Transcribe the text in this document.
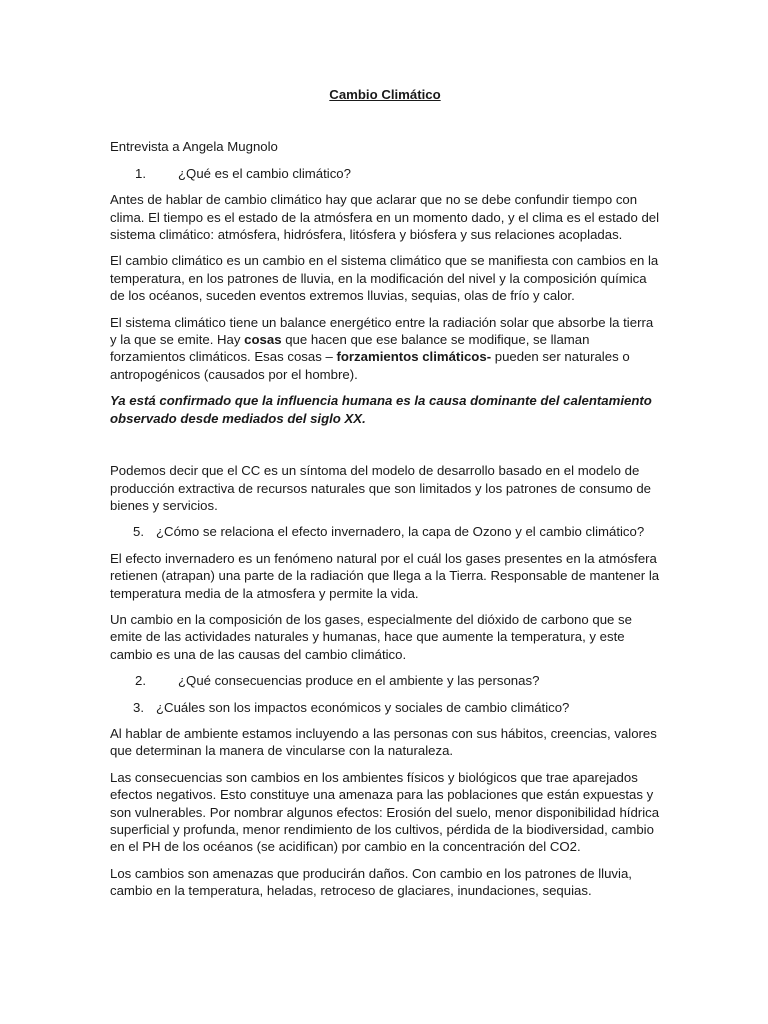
Cambio Climático

Entrevista a Angela Mugnolo

1.	¿Qué es el cambio climático?

Antes de hablar de cambio climático hay que aclarar que no se debe confundir tiempo con clima. El tiempo es el estado de la atmósfera en un momento dado, y el clima es el estado del sistema climático: atmósfera, hidrósfera, litósfera y biósfera y sus relaciones acopladas.

El cambio climático es un cambio en el sistema climático que se manifiesta con cambios en la temperatura, en los patrones de lluvia, en la modificación del nivel y la composición química de los océanos, suceden eventos extremos lluvias, sequias, olas de frío y calor.

El sistema climático tiene un balance energético entre la radiación solar que absorbe la tierra y la que se emite. Hay cosas que hacen que ese balance se modifique, se llaman forzamientos climáticos. Esas cosas – forzamientos climáticos- pueden ser naturales o antropogénicos (causados por el hombre).

Ya está confirmado que la influencia humana es la causa dominante del calentamiento observado desde mediados del siglo XX.

Podemos decir que el CC es un síntoma del modelo de desarrollo basado en el modelo de producción extractiva de recursos naturales que son limitados y los patrones de consumo de bienes y servicios.

5. ¿Cómo se relaciona el efecto invernadero, la capa de Ozono y el cambio climático?

El efecto invernadero es un fenómeno natural por el cuál los gases presentes en la atmósfera retienen (atrapan) una parte de la radiación que llega a la Tierra. Responsable de mantener la temperatura media de la atmosfera y permite la vida.

Un cambio en la composición de los gases, especialmente del dióxido de carbono que se emite de las actividades naturales y humanas, hace que aumente la temperatura, y este cambio es una de las causas del cambio climático.

2.	¿Qué consecuencias produce en el ambiente y las personas?
3. ¿Cuáles son los impactos económicos y sociales de cambio climático?

Al hablar de ambiente estamos incluyendo a las personas con sus hábitos, creencias, valores que determinan la manera de vincularse con la naturaleza.

Las consecuencias son cambios en los ambientes físicos y biológicos que trae aparejados efectos negativos. Esto constituye una amenaza para las poblaciones que están expuestas y son vulnerables. Por nombrar algunos efectos: Erosión del suelo, menor disponibilidad hídrica superficial y profunda, menor rendimiento de los cultivos, pérdida de la biodiversidad, cambio en el PH de los océanos (se acidifican) por cambio en la concentración del CO2.

Los cambios son amenazas que producirán daños. Con cambio en los patrones de lluvia, cambio en la temperatura, heladas, retroceso de glaciares, inundaciones, sequias.
